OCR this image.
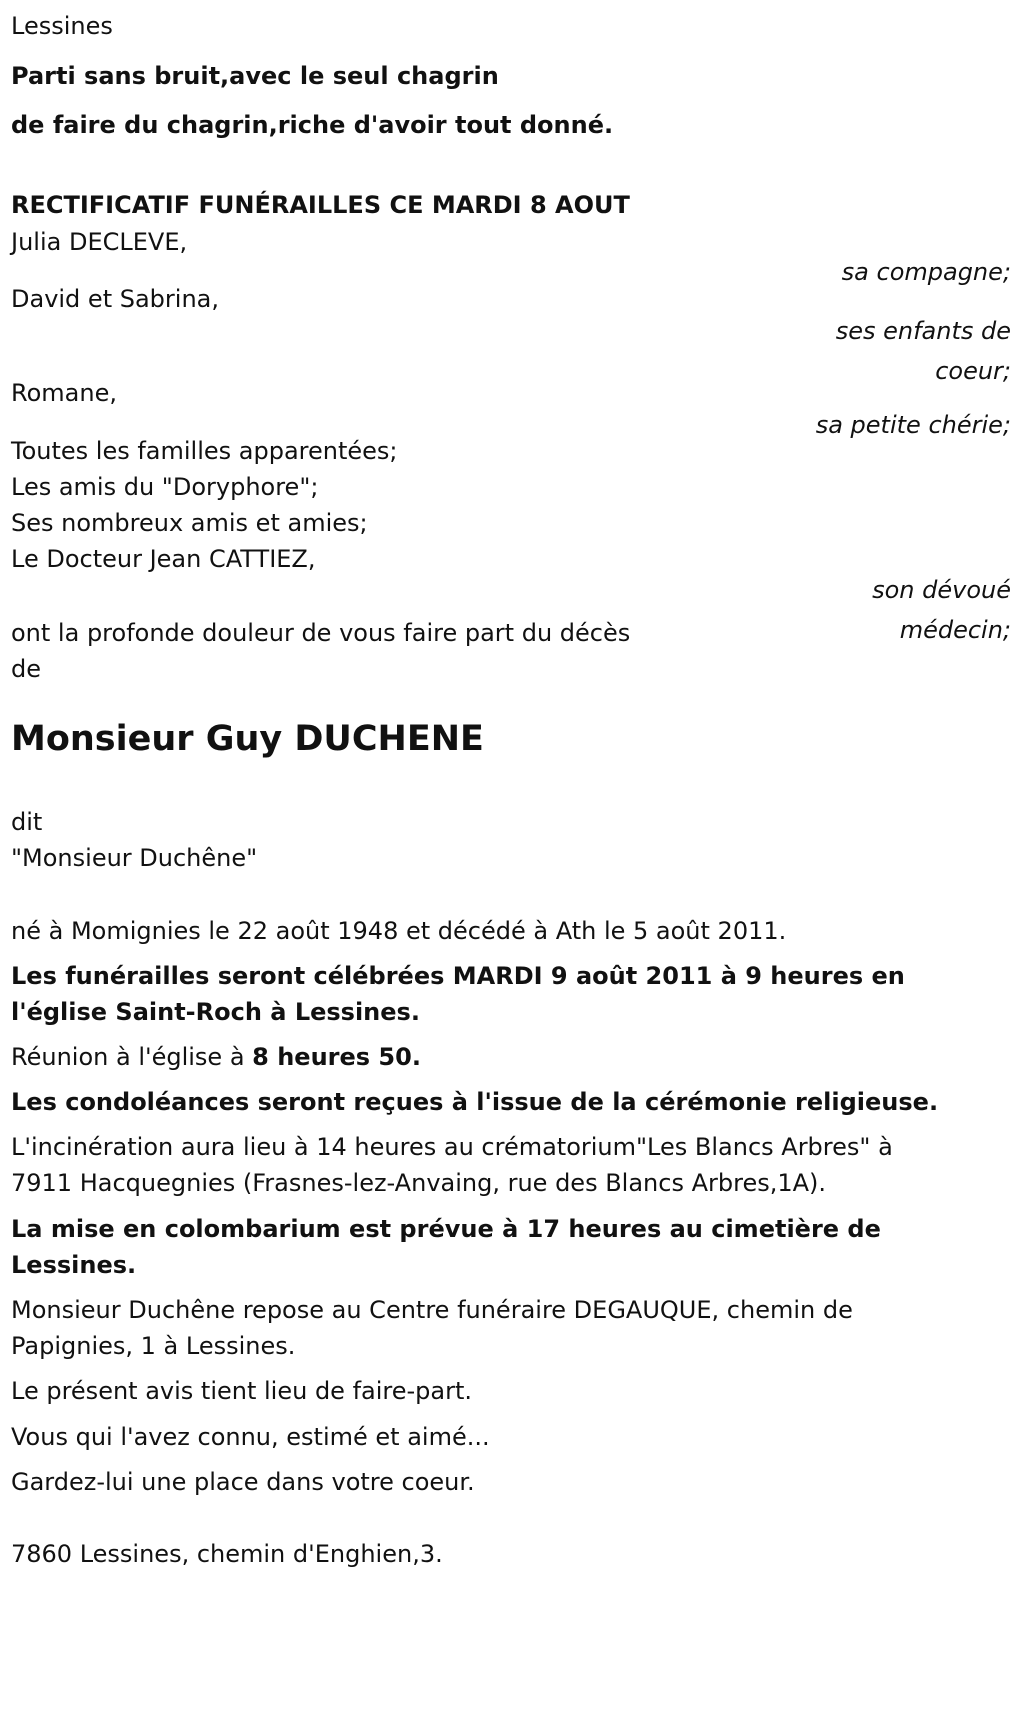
Lessines
Parti sans bruit,avec le seul chagrin
de faire du chagrin,riche d'avoir tout donné.
RECTIFICATIF FUNÉRAILLES CE MARDI 8 AOUT
Julia DECLEVE,
sa compagne;
David et Sabrina,
ses enfants de coeur;
Romane,
sa petite chérie;
Toutes les familles apparentées;
Les amis du "Doryphore";
Ses nombreux amis et amies;
Le Docteur Jean CATTIEZ,
son dévoué médecin;
ont la profonde douleur de vous faire part du décès
de
Monsieur Guy DUCHENE
dit
"Monsieur Duchêne"
né à Momignies le 22 août 1948 et décédé à Ath le 5 août 2011.
Les funérailles seront célébrées MARDI 9 août 2011 à 9 heures en
l'église Saint-Roch à Lessines.
Réunion à l'église à 8 heures 50.
Les condoléances seront reçues à l'issue de la cérémonie religieuse.
L'incinération aura lieu à 14 heures au crématorium"Les Blancs Arbres" à
7911 Hacquegnies (Frasnes-lez-Anvaing, rue des Blancs Arbres,1A).
La mise en colombarium est prévue à 17 heures au cimetière de
Lessines.
Monsieur Duchêne repose au Centre funéraire DEGAUQUE, chemin de
Papignies, 1 à Lessines.
Le présent avis tient lieu de faire-part.
Vous qui l'avez connu, estimé et aimé...
Gardez-lui une place dans votre coeur.
7860 Lessines, chemin d'Enghien,3.
